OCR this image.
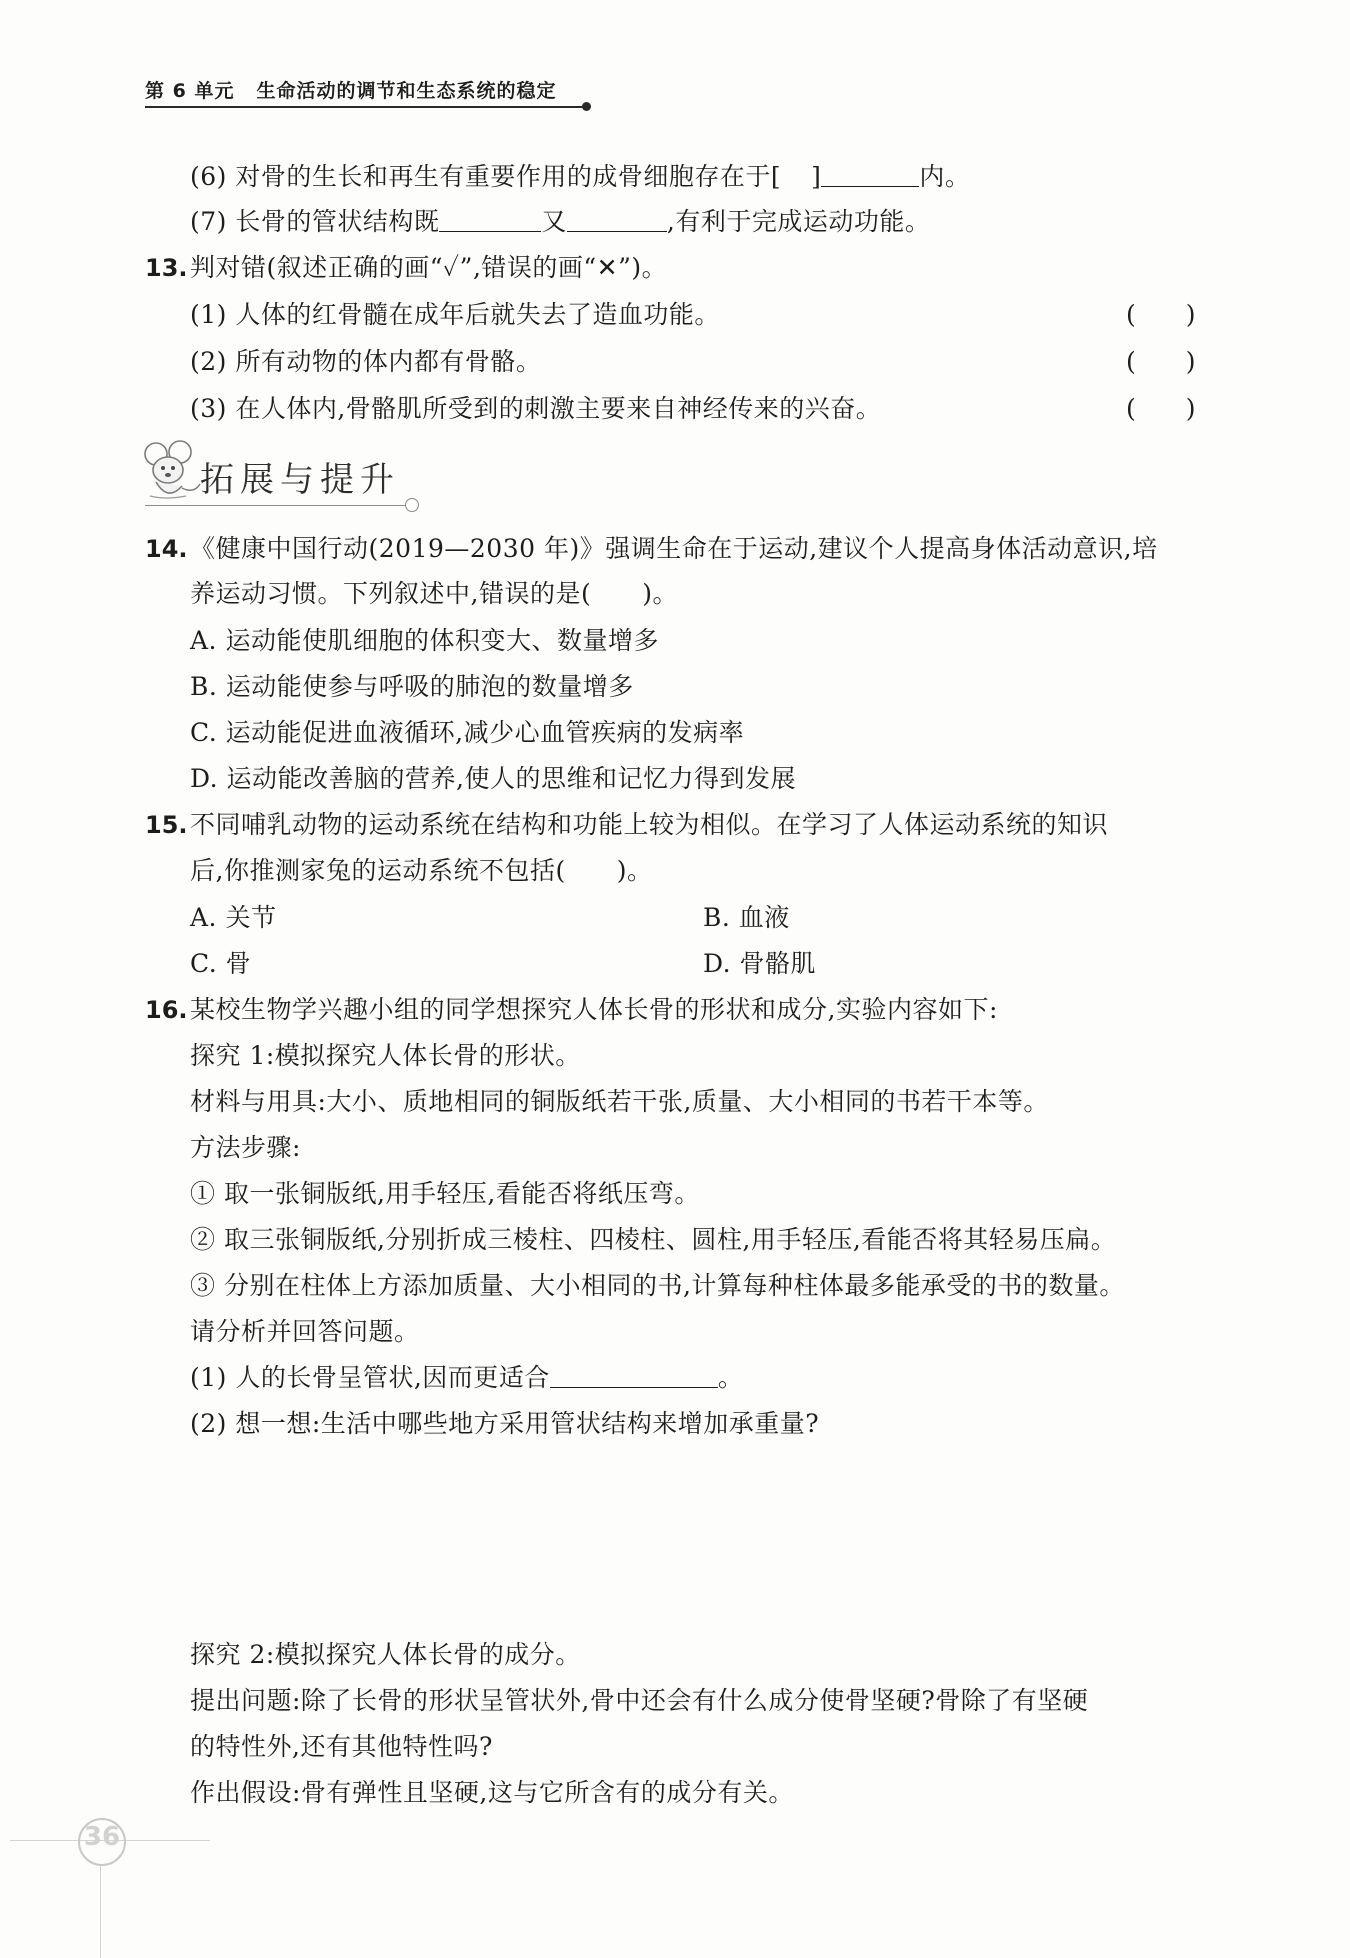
第 6 单元 生命活动的调节和生态系统的稳定
(6) 对骨的生长和再生有重要作用的成骨细胞存在于[ ]	内。
(7) 长骨的管状结构既	又	,有利于完成运动功能。
13. 判对错(叙述正确的画“✓”,错误的画“✕”)。
(1) 人体的红骨髓在成年后就失去了造血功能。	(　　)
(2) 所有动物的体内都有骨骼。	(　　)
(3) 在人体内,骨骼肌所受到的刺激主要来自神经传来的兴奋。	(　　)
拓展与提升
14. 《健康中国行动(2019—2030 年)》强调生命在于运动,建议个人提高身体活动意识,培
养运动习惯。下列叙述中,错误的是(　　)。
A. 运动能使肌细胞的体积变大、数量增多
B. 运动能使参与呼吸的肺泡的数量增多
C. 运动能促进血液循环,减少心血管疾病的发病率
D. 运动能改善脑的营养,使人的思维和记忆力得到发展
15. 不同哺乳动物的运动系统在结构和功能上较为相似。在学习了人体运动系统的知识
后,你推测家兔的运动系统不包括(　　)。
A. 关节	B. 血液
C. 骨	D. 骨骼肌
16. 某校生物学兴趣小组的同学想探究人体长骨的形状和成分,实验内容如下:
探究 1:模拟探究人体长骨的形状。
材料与用具:大小、质地相同的铜版纸若干张,质量、大小相同的书若干本等。
方法步骤:
① 取一张铜版纸,用手轻压,看能否将纸压弯。
② 取三张铜版纸,分别折成三棱柱、四棱柱、圆柱,用手轻压,看能否将其轻易压扁。
③ 分别在柱体上方添加质量、大小相同的书,计算每种柱体最多能承受的书的数量。
请分析并回答问题。
(1) 人的长骨呈管状,因而更适合	。
(2) 想一想:生活中哪些地方采用管状结构来增加承重量?
探究 2:模拟探究人体长骨的成分。
提出问题:除了长骨的形状呈管状外,骨中还会有什么成分使骨坚硬?骨除了有坚硬
的特性外,还有其他特性吗?
作出假设:骨有弹性且坚硬,这与它所含有的成分有关。
36
